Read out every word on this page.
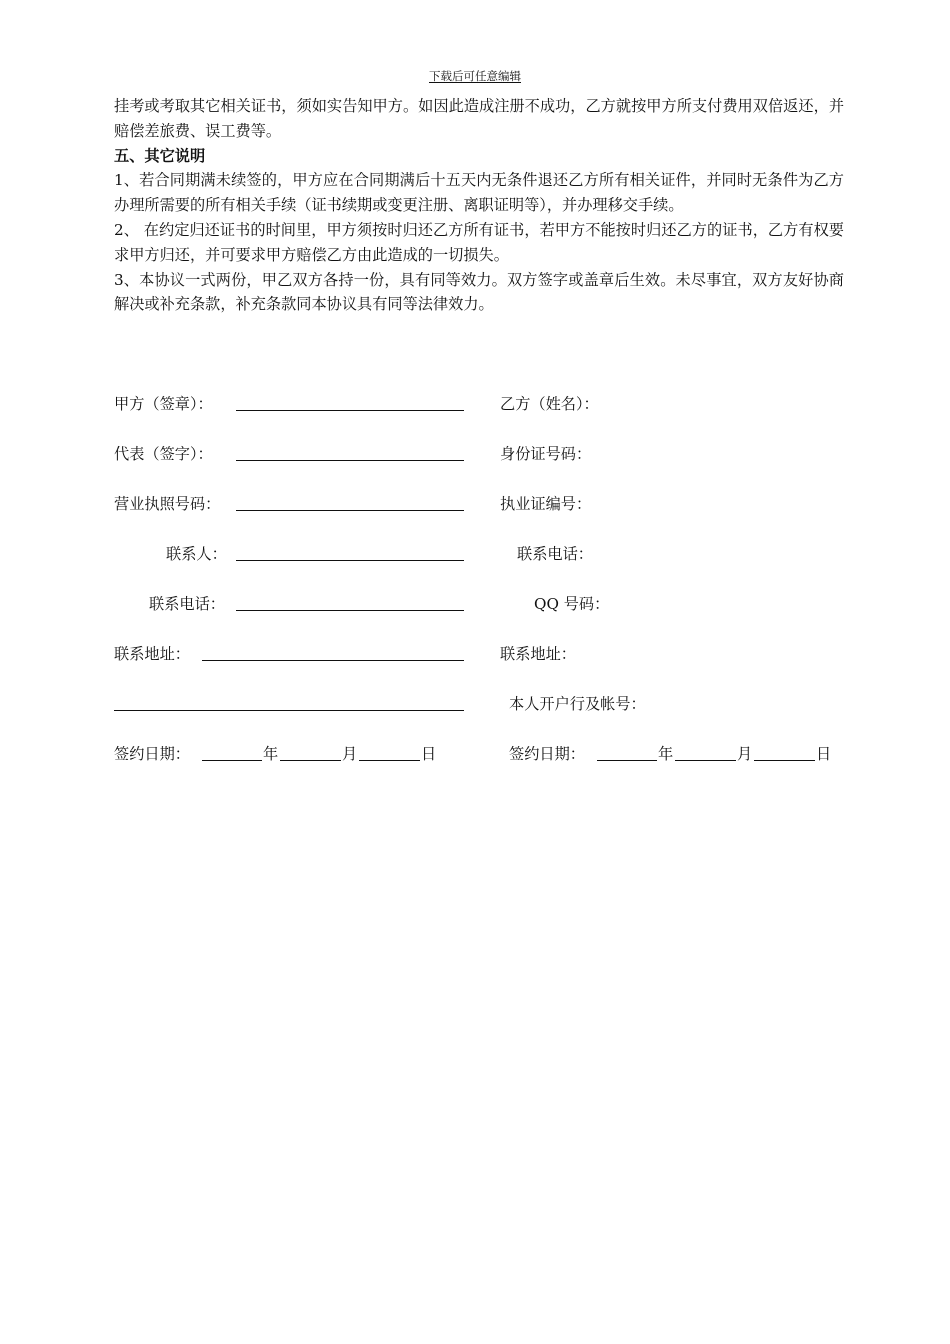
下载后可任意编辑

挂考或考取其它相关证书，须如实告知甲方。如因此造成注册不成功，乙方就按甲方所支付费用双倍返还，并赔偿差旅费、误工费等。

五、其它说明

1、若合同期满未续签的，甲方应在合同期满后十五天内无条件退还乙方所有相关证件，并同时无条件为乙方办理所需要的所有相关手续（证书续期或变更注册、离职证明等），并办理移交手续。

2、 在约定归还证书的时间里，甲方须按时归还乙方所有证书，若甲方不能按时归还乙方的证书，乙方有权要求甲方归还，并可要求甲方赔偿乙方由此造成的一切损失。

3、本协议一式两份，甲乙双方各持一份，具有同等效力。双方签字或盖章后生效。未尽事宜，双方友好协商解决或补充条款，补充条款同本协议具有同等法律效力。

甲方（签章）：	乙方（姓名）：
代表（签字）：	身份证号码：
营业执照号码：	执业证编号：
联系人：	联系电话：
联系电话：	QQ 号码：
联系地址：	联系地址：
本人开户行及帐号：
签约日期：	年	月	日	签约日期：	年	月	日
